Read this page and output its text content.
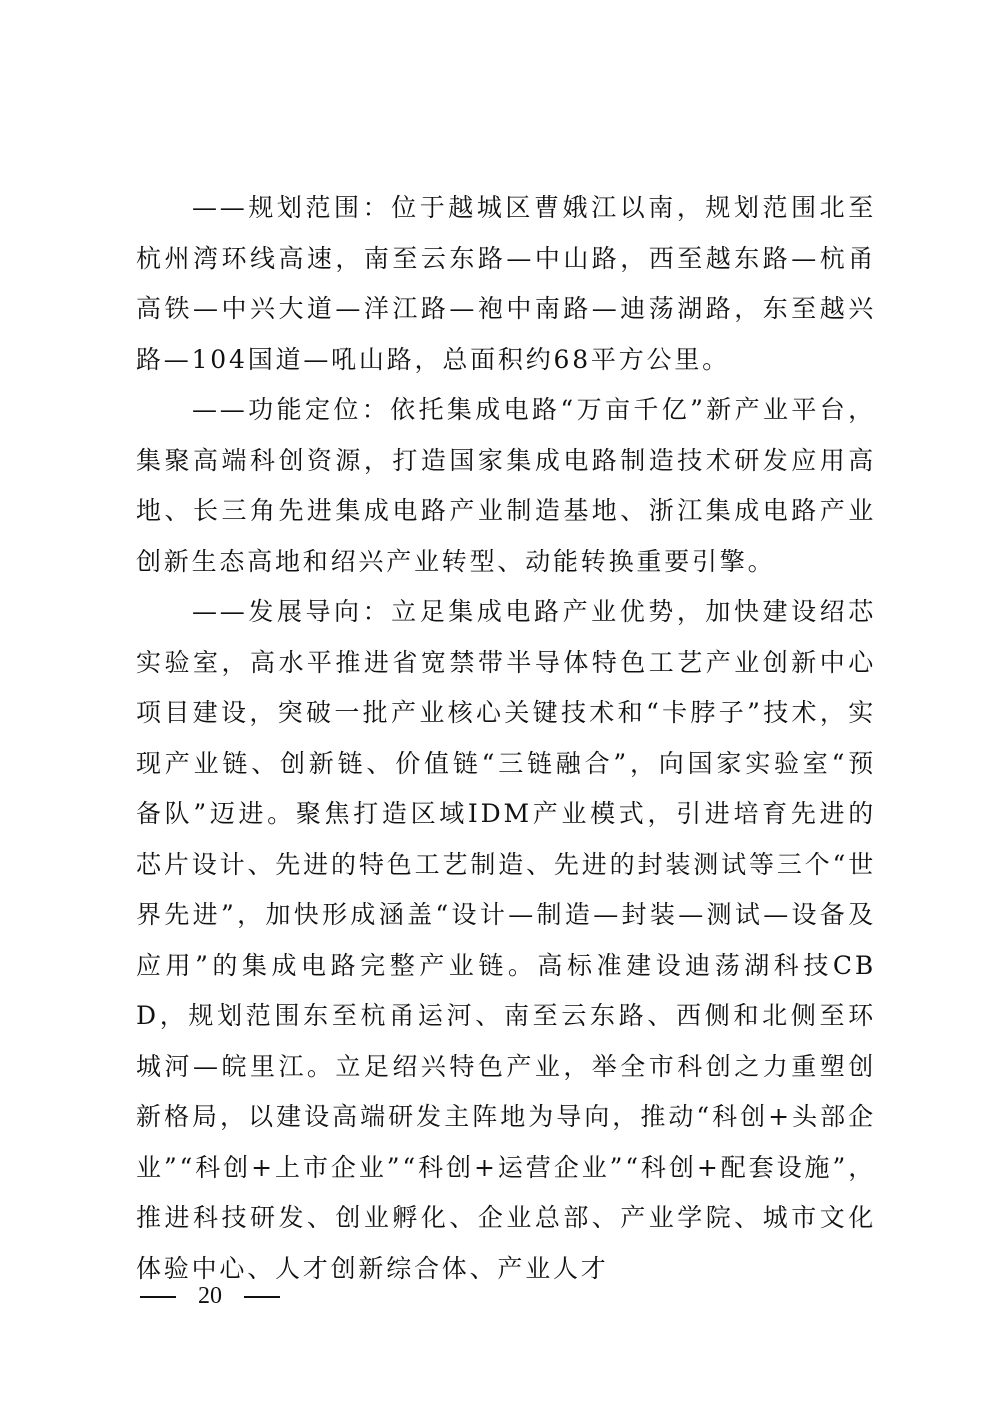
——规划范围：位于越城区曹娥江以南，规划范围北至杭州湾环线高速，南至云东路—中山路，西至越东路—杭甬高铁—中兴大道—洋江路—袍中南路—迪荡湖路，东至越兴路—104国道—吼山路，总面积约68平方公里。

——功能定位：依托集成电路“万亩千亿”新产业平台，集聚高端科创资源，打造国家集成电路制造技术研发应用高地、长三角先进集成电路产业制造基地、浙江集成电路产业创新生态高地和绍兴产业转型、动能转换重要引擎。

——发展导向：立足集成电路产业优势，加快建设绍芯实验室，高水平推进省宽禁带半导体特色工艺产业创新中心项目建设，突破一批产业核心关键技术和“卡脖子”技术，实现产业链、创新链、价值链“三链融合”，向国家实验室“预备队”迈进。聚焦打造区域IDM产业模式，引进培育先进的芯片设计、先进的特色工艺制造、先进的封装测试等三个“世界先进”，加快形成涵盖“设计—制造—封装—测试—设备及应用”的集成电路完整产业链。高标准建设迪荡湖科技CBD，规划范围东至杭甬运河、南至云东路、西侧和北侧至环城河—皖里江。立足绍兴特色产业，举全市科创之力重塑创新格局，以建设高端研发主阵地为导向，推动“科创+头部企业”“科创+上市企业”“科创+运营企业”“科创+配套设施”，推进科技研发、创业孵化、企业总部、产业学院、城市文化体验中心、人才创新综合体、产业人才

20
